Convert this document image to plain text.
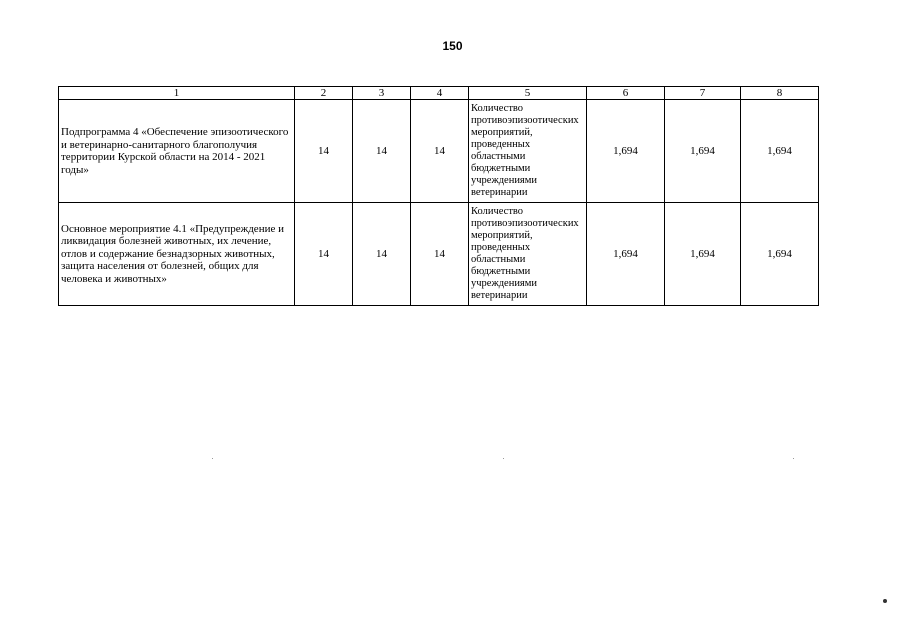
150
1	2	3	4	5	6	7	8
Подпрограмма 4 «Обеспечение эпизоотического и ветеринарно-санитарного благополучия территории Курской области на 2014 - 2021 годы»	14	14	14	Количество противоэпизоотических мероприятий, проведенных областными бюджетными учреждениями ветеринарии	1,694	1,694	1,694
Основное мероприятие 4.1 «Предупреждение и ликвидация болезней животных, их лечение, отлов и содержание безнадзорных животных, защита населения от болезней, общих для человека и животных»	14	14	14	Количество противоэпизоотических мероприятий, проведенных областными бюджетными учреждениями ветеринарии	1,694	1,694	1,694
